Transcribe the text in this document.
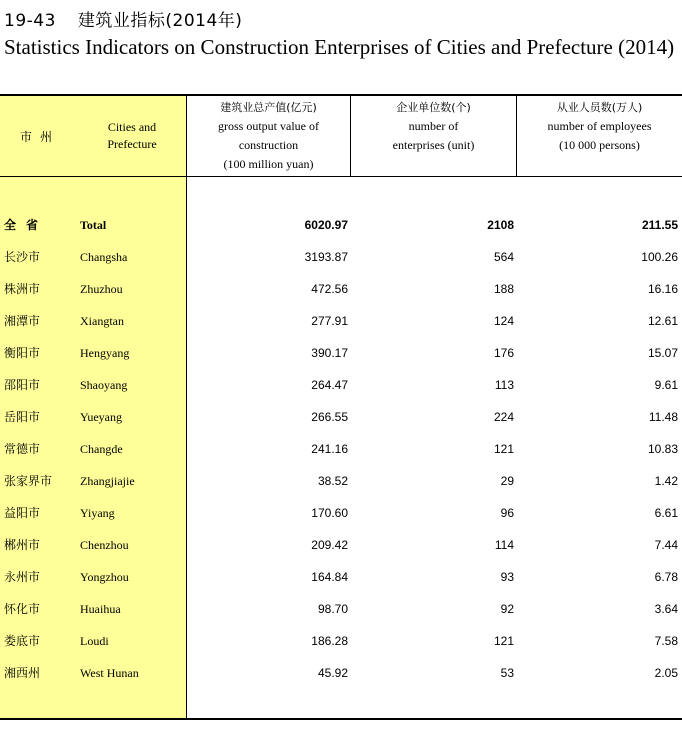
19-43 建筑业指标(2014年)
Statistics Indicators on Construction Enterprises of Cities and Prefecture (2014)
市州
Cities and
Prefecture
建筑业总产值(亿元)
gross output value of
construction
(100 million yuan)
企业单位数(个)
number of
enterprises (unit)
从业人员数(万人)
number of employees
(10 000 persons)
全省	Total	6020.97	2108	211.55
长沙市	Changsha	3193.87	564	100.26
株洲市	Zhuzhou	472.56	188	16.16
湘潭市	Xiangtan	277.91	124	12.61
衡阳市	Hengyang	390.17	176	15.07
邵阳市	Shaoyang	264.47	113	9.61
岳阳市	Yueyang	266.55	224	11.48
常德市	Changde	241.16	121	10.83
张家界市 Zhangjiajie	38.52	29	1.42
益阳市	Yiyang	170.60	96	6.61
郴州市	Chenzhou	209.42	114	7.44
永州市	Yongzhou	164.84	93	6.78
怀化市	Huaihua	98.70	92	3.64
娄底市	Loudi	186.28	121	7.58
湘西州	West Hunan	45.92	53	2.05
